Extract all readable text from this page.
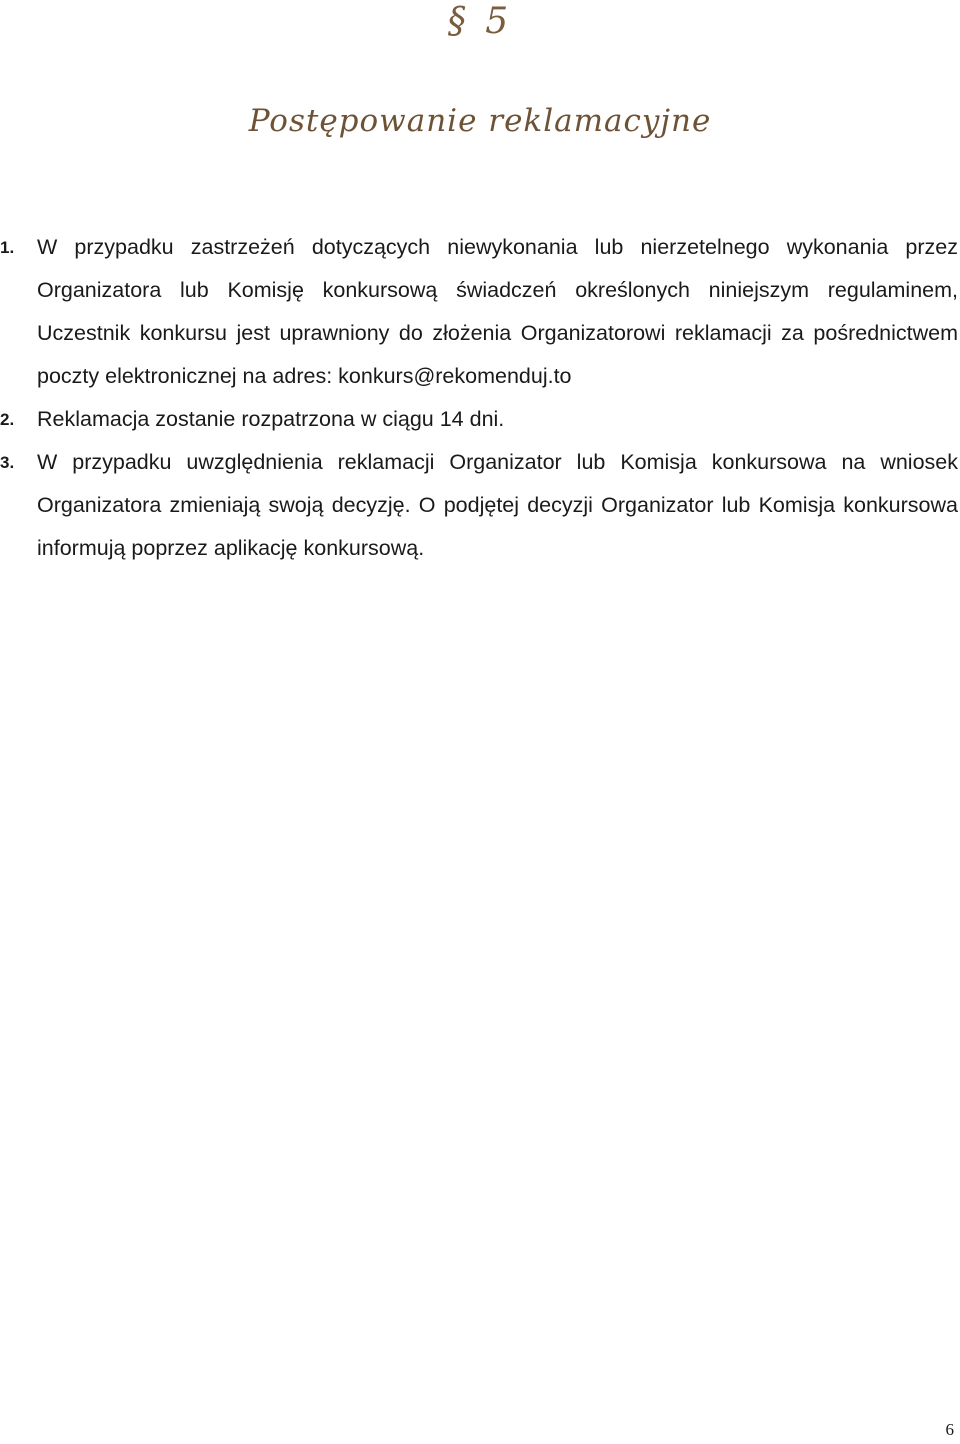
§ 5
Postępowanie reklamacyjne
1. W przypadku zastrzeżeń dotyczących niewykonania lub nierzetelnego wykonania przez Organizatora lub Komisję konkursową świadczeń określonych niniejszym regulaminem, Uczestnik konkursu jest uprawniony do złożenia Organizatorowi reklamacji za pośrednictwem poczty elektronicznej na adres: konkurs@rekomenduj.to
2. Reklamacja zostanie rozpatrzona w ciągu 14 dni.
3. W przypadku uwzględnienia reklamacji Organizator lub Komisja konkursowa na wniosek Organizatora zmieniają swoją decyzję. O podjętej decyzji Organizator lub Komisja konkursowa informują poprzez aplikację konkursową.
6
